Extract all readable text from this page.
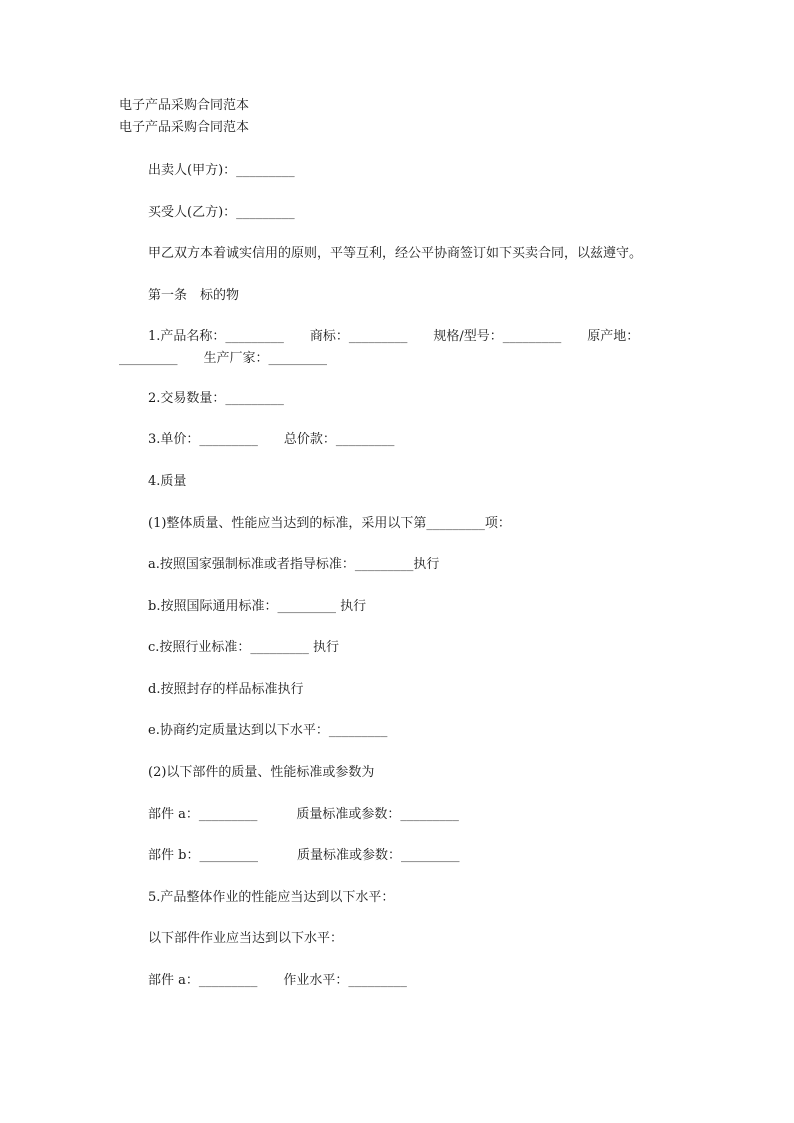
电子产品采购合同范本
电子产品采购合同范本
出卖人(甲方)：_________
买受人(乙方)：_________
甲乙双方本着诚实信用的原则，平等互利，经公平协商签订如下买卖合同，以兹遵守。
第一条　标的物
1.产品名称：_________　　商标：_________　　规格/型号：_________　　原产地：_________　　生产厂家：_________
2.交易数量：_________
3.单价：_________　　总价款：_________
4.质量
(1)整体质量、性能应当达到的标准，采用以下第_________项：
a.按照国家强制标准或者指导标准：_________执行
b.按照国际通用标准：_________ 执行
c.按照行业标准：_________ 执行
d.按照封存的样品标准执行
e.协商约定质量达到以下水平：_________
(2)以下部件的质量、性能标准或参数为
部件 a：_________　　　质量标准或参数：_________
部件 b：_________　　　质量标准或参数：_________
5.产品整体作业的性能应当达到以下水平：
以下部件作业应当达到以下水平：
部件 a：_________　　作业水平：_________
